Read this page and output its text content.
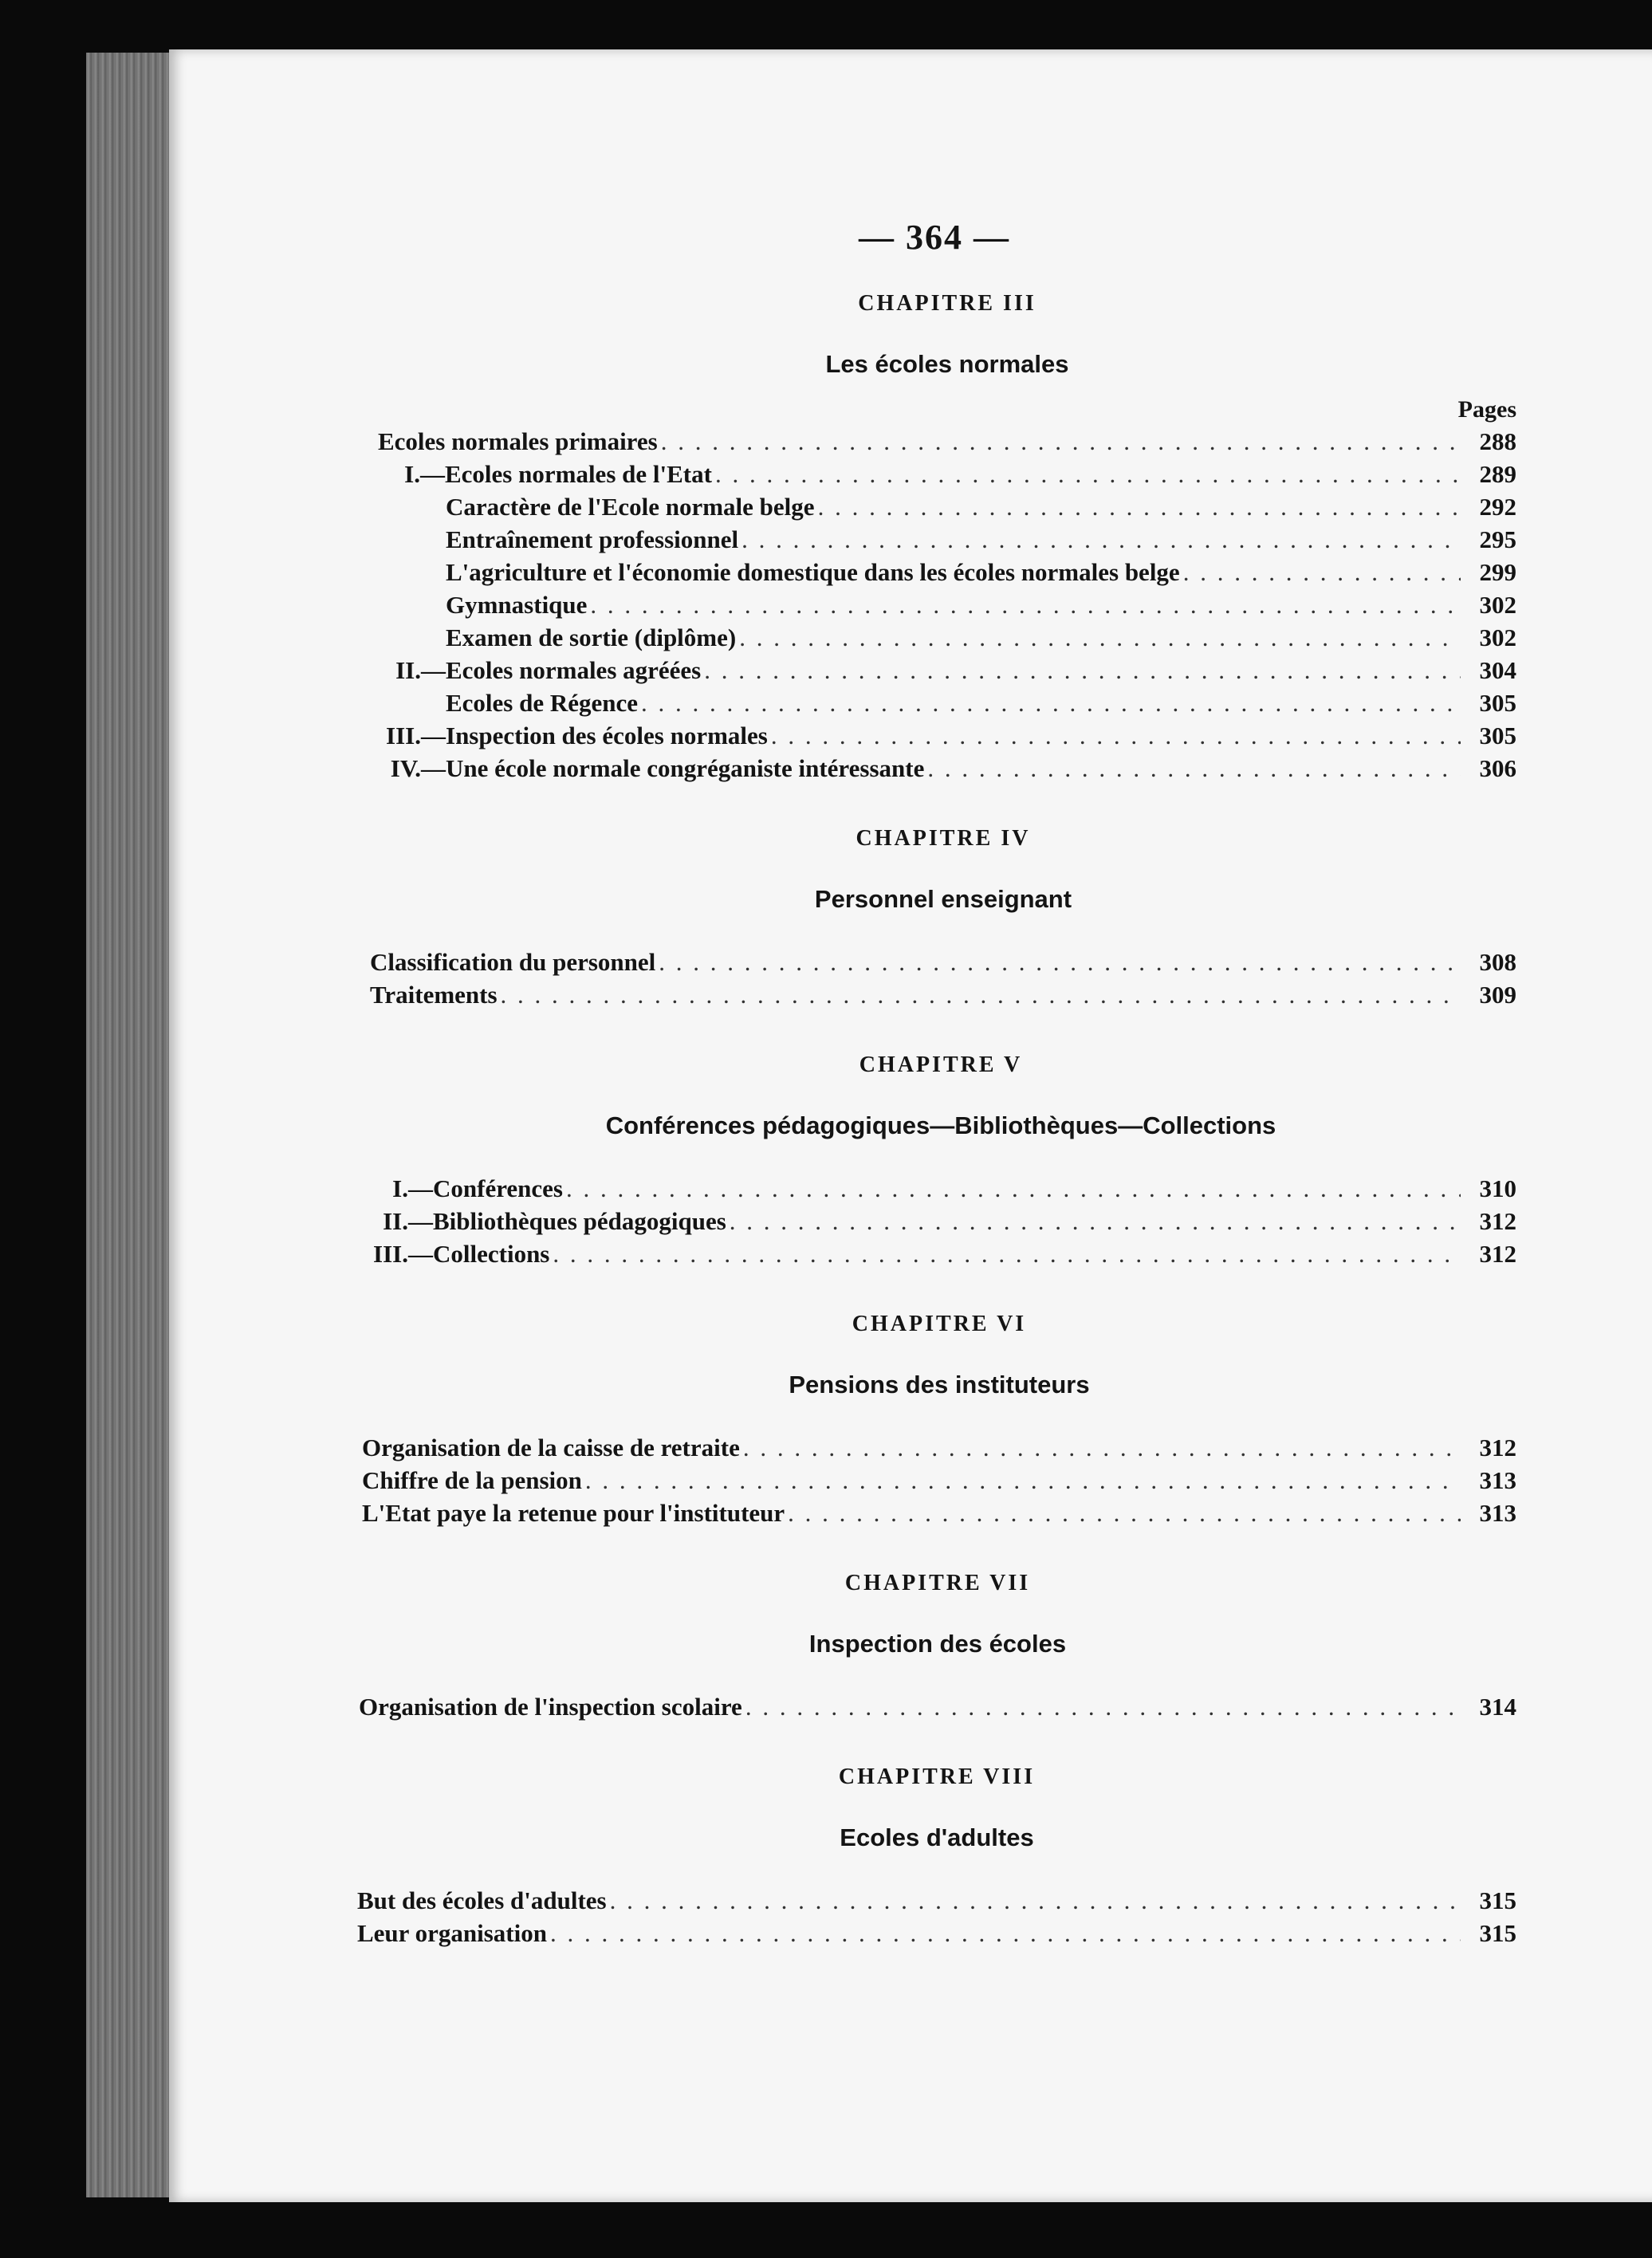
— 364 —
CHAPITRE III
Les écoles normales
Pages
Ecoles normales primaires . . .	288
I.— Ecoles normales de l'Etat . . .	289
Caractère de l'Ecole normale belge . . .	292
Entraînement professionnel . . .	295
L'agriculture et l'économie domestique dans les écoles normales belge . . .	299
Gymnastique . . .	302
Examen de sortie (diplôme) . . .	302
II.— Ecoles normales agréées . . .	304
Ecoles de Régence . . .	305
III.— Inspection des écoles normales . . .	305
IV.— Une école normale congréganiste intéressante . . .	306
CHAPITRE IV
Personnel enseignant
Classification du personnel . . .	308
Traitements . . .	309
CHAPITRE V
Conférences pédagogiques—Bibliothèques—Collections
I.— Conférences . . .	310
II.— Bibliothèques pédagogiques . . .	312
III.— Collections . . .	312
CHAPITRE VI
Pensions des instituteurs
Organisation de la caisse de retraite . . .	312
Chiffre de la pension . . .	313
L'Etat paye la retenue pour l'instituteur . . .	313
CHAPITRE VII
Inspection des écoles
Organisation de l'inspection scolaire . . .	314
CHAPITRE VIII
Ecoles d'adultes
But des écoles d'adultes . . .	315
Leur organisation . . .	315
